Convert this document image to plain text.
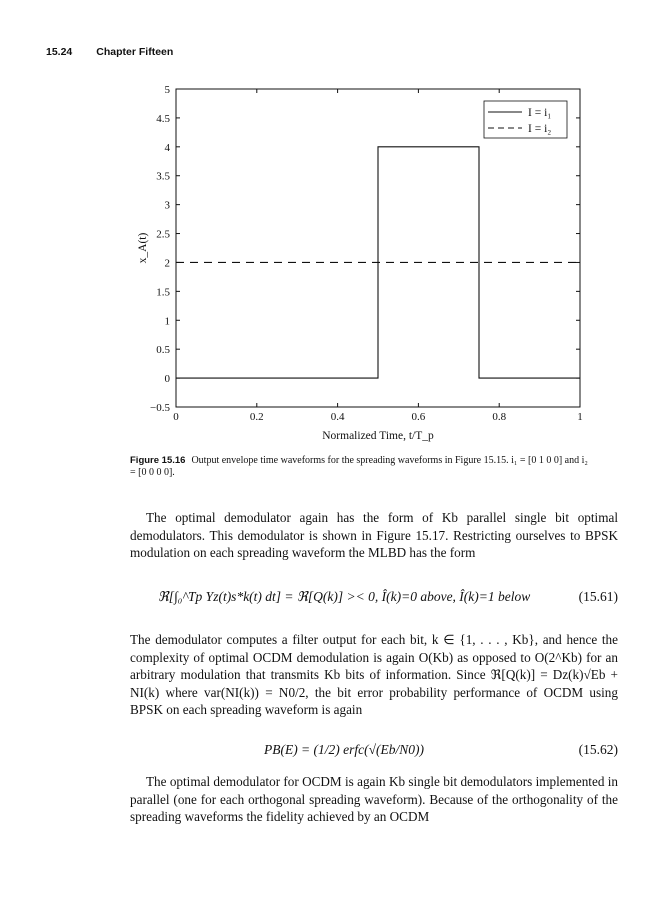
15.24 Chapter Fifteen
−0.5
0
0.5
1
1.5
2
2.5
3
3.5
4
4.5
5
0	0.2	0.4	0.6	0.8	1
I = i₁
I = i₂
x_A(t)
Normalized Time, t/T_p
Figure 15.16 Output envelope time waveforms for the spreading waveforms in Figure 15.15. i₁ = [0 1 0 0] and i₂ = [0 0 0 0].

The optimal demodulator again has the form of Kb parallel single bit optimal demodulators. This demodulator is shown in Figure 15.17. Restricting ourselves to BPSK modulation on each spreading waveform the MLBD has the form

ℜ[∫₀^Tp Yz(t)s*k(t) dt] = ℜ[Q(k)] >< 0, Î(k)=0 above, Î(k)=1 below	(15.61)

The demodulator computes a filter output for each bit, k ∈ {1, . . . , Kb}, and hence the complexity of optimal OCDM demodulation is again O(Kb) as opposed to O(2^Kb) for an arbitrary modulation that transmits Kb bits of information. Since ℜ[Q(k)] = Dz(k)√Eb + NI(k) where var(NI(k)) = N0/2, the bit error probability performance of OCDM using BPSK on each spreading waveform is again

PB(E) = (1/2) erfc(√(Eb/N0))	(15.62)

The optimal demodulator for OCDM is again Kb single bit demodulators implemented in parallel (one for each orthogonal spreading waveform). Because of the orthogonality of the spreading waveforms the fidelity achieved by an OCDM
